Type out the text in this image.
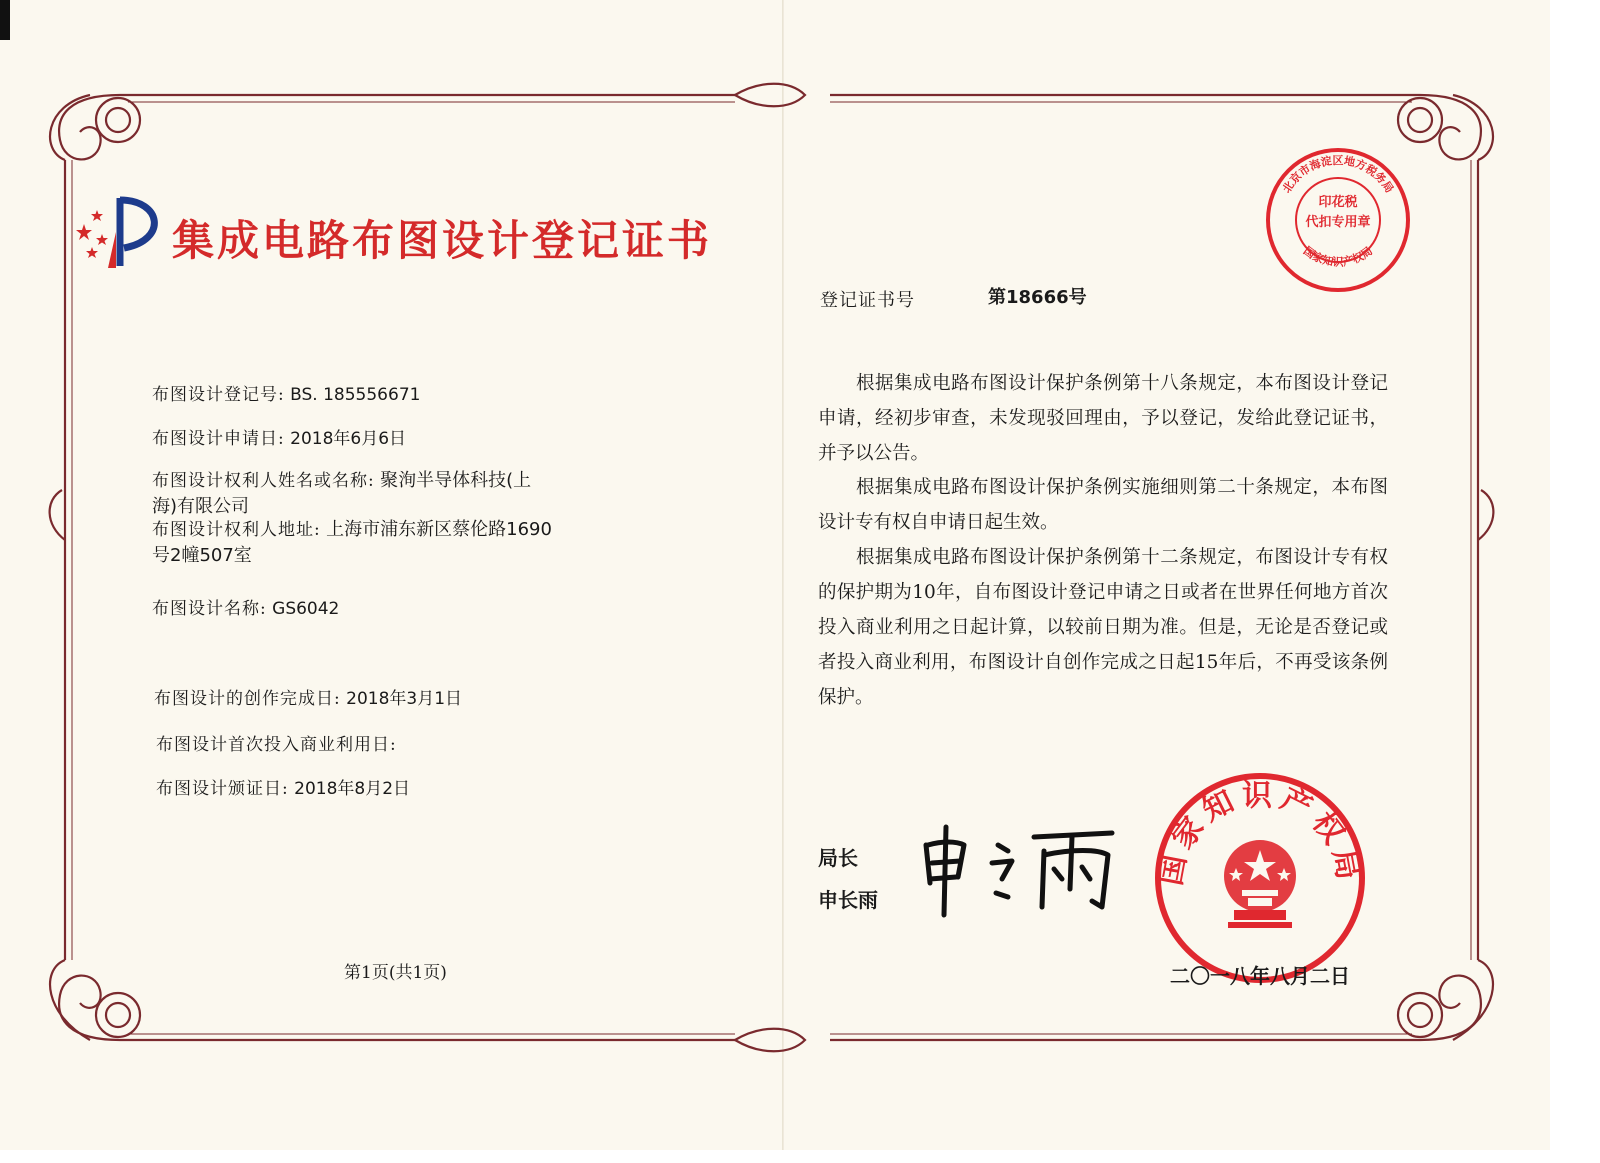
集成电路布图设计登记证书
布图设计登记号: BS. 185556671
布图设计申请日: 2018年6月6日
布图设计权利人姓名或名称: 聚洵半导体科技(上
海)有限公司
布图设计权利人地址: 上海市浦东新区蔡伦路1690
号2幢507室
布图设计名称: GS6042
布图设计的创作完成日: 2018年3月1日
布图设计首次投入商业利用日:
布图设计颁证日: 2018年8月2日
第1页(共1页)
登记证书号	第18666号
根据集成电路布图设计保护条例第十八条规定，本布图设计登记申请，经初步审查，未发现驳回理由，予以登记，发给此登记证书，并予以公告。
根据集成电路布图设计保护条例实施细则第二十条规定，本布图设计专有权自申请日起生效。
根据集成电路布图设计保护条例第十二条规定，布图设计专有权的保护期为10年，自布图设计登记申请之日或者在世界任何地方首次投入商业利用之日起计算，以较前日期为准。但是，无论是否登记或者投入商业利用，布图设计自创作完成之日起15年后，不再受该条例保护。
局长
申长雨
印花税
代扣专用章
北京市海淀区地方税务局
国家知识产权局
国家知识产权局
二〇一八年八月二日
